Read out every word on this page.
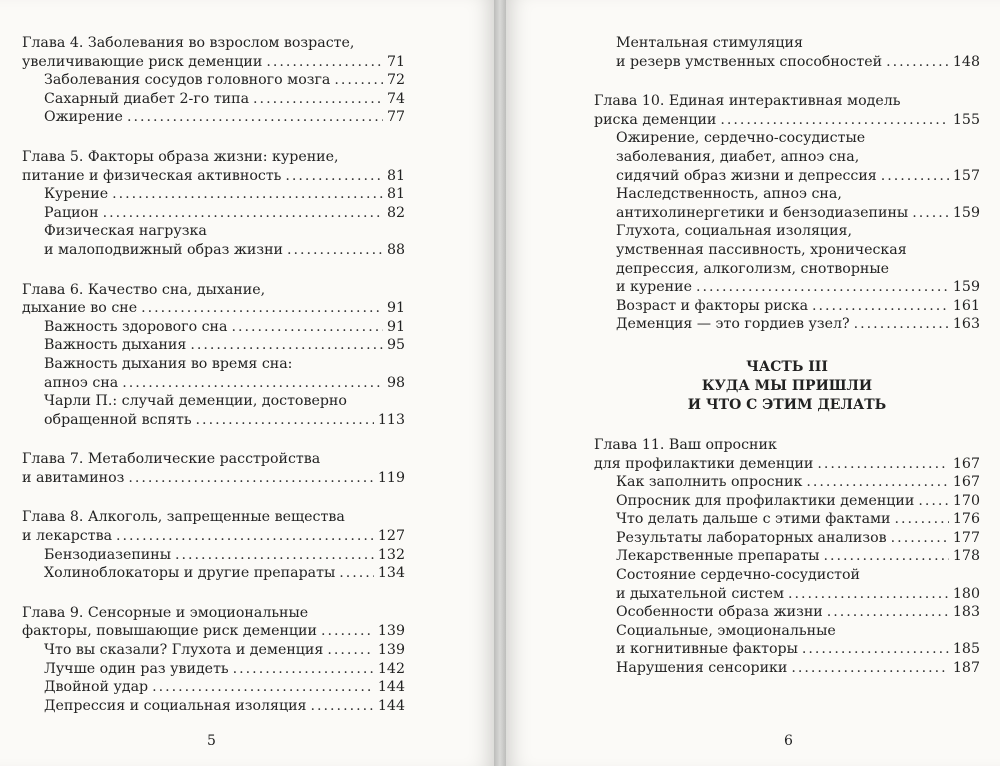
Глава 4. Заболевания во взрослом возрасте,
увеличивающие риск деменции .....	71
Заболевания сосудов головного мозга .....	72
Сахарный диабет 2-го типа .....	74
Ожирение .....	77
Глава 5. Факторы образа жизни: курение,
питание и физическая активность .....	81
Курение .....	81
Рацион .....	82
Физическая нагрузка
и малоподвижный образ жизни .....	88
Глава 6. Качество сна, дыхание,
дыхание во сне .....	91
Важность здорового сна .....	91
Важность дыхания .....	95
Важность дыхания во время сна:
апноэ сна .....	98
Чарли П.: случай деменции, достоверно
обращенной вспять .....	113
Глава 7. Метаболические расстройства
и авитаминоз .....	119
Глава 8. Алкоголь, запрещенные вещества
и лекарства .....	127
Бензодиазепины .....	132
Холиноблокаторы и другие препараты .....	134
Глава 9. Сенсорные и эмоциональные
факторы, повышающие риск деменции .....	139
Что вы сказали? Глухота и деменция .....	139
Лучше один раз увидеть .....	142
Двойной удар .....	144
Депрессия и социальная изоляция .....	144
5
Ментальная стимуляция
и резерв умственных способностей .....	148
Глава 10. Единая интерактивная модель
риска деменции .....	155
Ожирение, сердечно-сосудистые
заболевания, диабет, апноэ сна,
сидячий образ жизни и депрессия .....	157
Наследственность, апноэ сна,
антихолинергетики и бензодиазепины .....	159
Глухота, социальная изоляция,
умственная пассивность, хроническая
депрессия, алкоголизм, снотворные
и курение .....	159
Возраст и факторы риска .....	161
Деменция — это гордиев узел? .....	163
ЧАСТЬ III
КУДА МЫ ПРИШЛИ
И ЧТО С ЭТИМ ДЕЛАТЬ
Глава 11. Ваш опросник
для профилактики деменции .....	167
Как заполнить опросник .....	167
Опросник для профилактики деменции .....	170
Что делать дальше с этими фактами .....	176
Результаты лабораторных анализов .....	177
Лекарственные препараты .....	178
Состояние сердечно-сосудистой
и дыхательной систем .....	180
Особенности образа жизни .....	183
Социальные, эмоциональные
и когнитивные факторы .....	185
Нарушения сенсорики .....	187
6
